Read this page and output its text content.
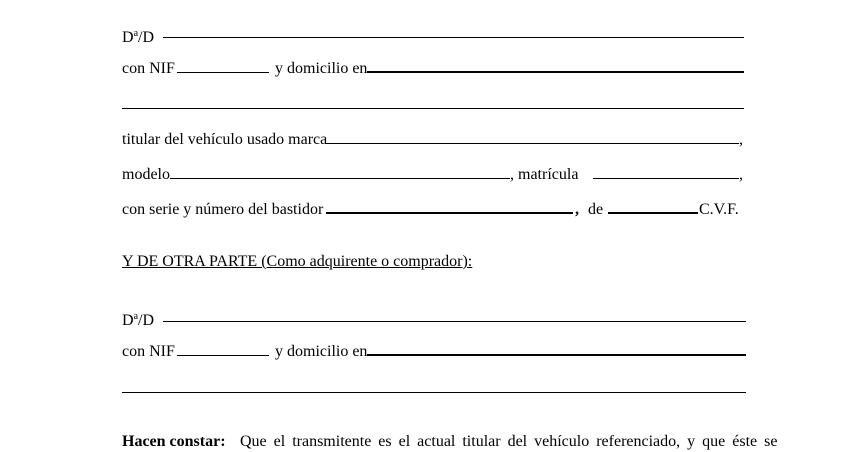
$D^a/D$
con NIF	y domicilio en
titular del vehículo usado marca	,
modelo	, matrícula	,
con serie y número del bastidor	, de	C.V.F.
Y DE OTRA PARTE (Como adquirente o comprador):
$D^a/D$
con NIF	y domicilio en
Hacen constar: Que el transmitente es el actual titular del vehículo referenciado, y que éste se
